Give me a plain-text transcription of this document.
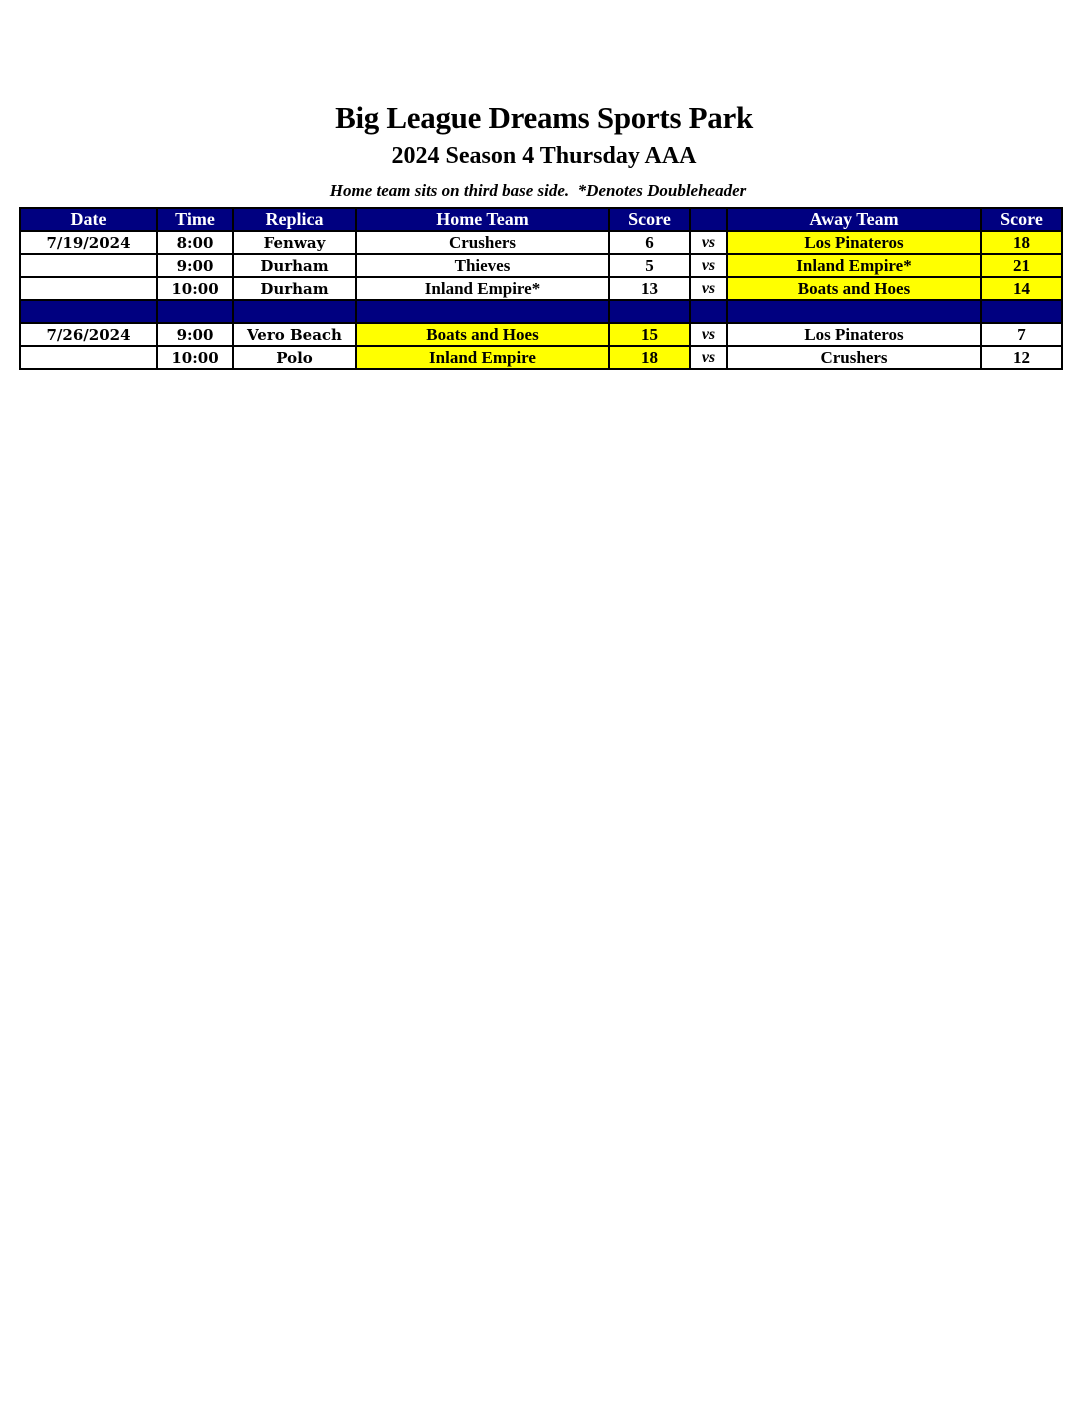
Big League Dreams Sports Park
2024 Season 4 Thursday AAA
Home team sits on third base side.  *Denotes Doubleheader
Date	Time	Replica	Home Team	Score		Away Team	Score
7/19/2024	8:00	Fenway	Crushers	6	vs	Los Pinateros	18
	9:00	Durham	Thieves	5	vs	Inland Empire*	21
	10:00	Durham	Inland Empire*	13	vs	Boats and Hoes	14

7/26/2024	9:00	Vero Beach	Boats and Hoes	15	vs	Los Pinateros	7
	10:00	Polo	Inland Empire	18	vs	Crushers	12
